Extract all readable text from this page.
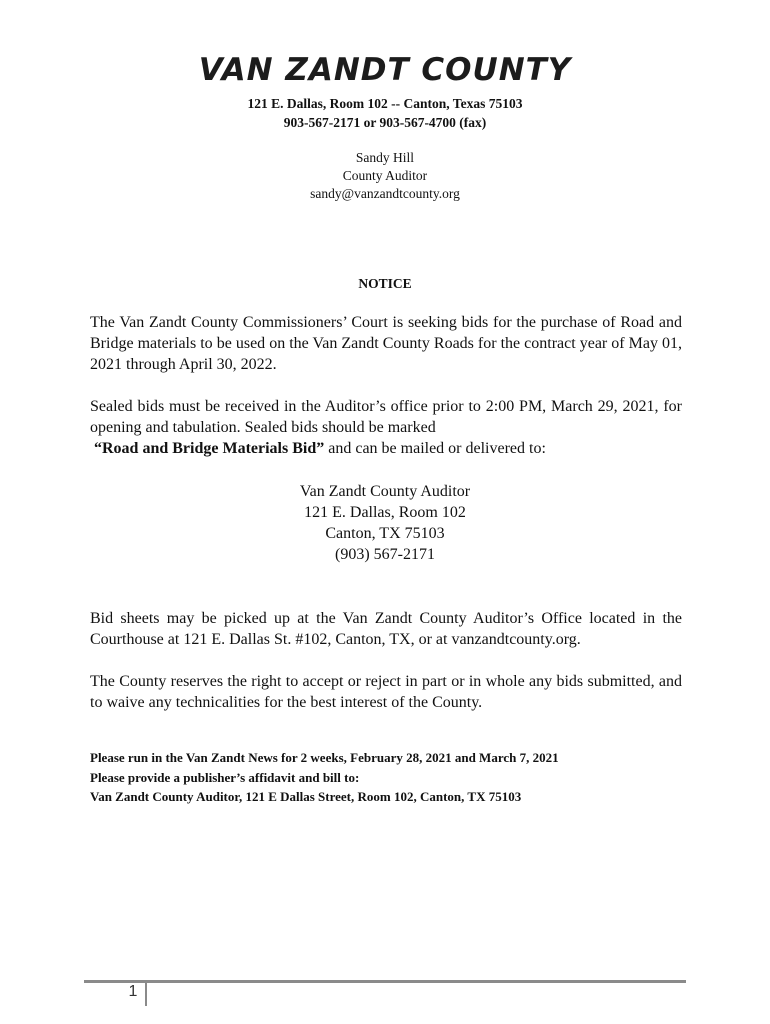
VAN ZANDT COUNTY
121 E. Dallas, Room 102 -- Canton, Texas 75103
903-567-2171 or 903-567-4700 (fax)
Sandy Hill
County Auditor
sandy@vanzandtcounty.org
NOTICE
The Van Zandt County Commissioners’ Court is seeking bids for the purchase of Road and Bridge materials to be used on the Van Zandt County Roads for the contract year of May 01, 2021 through April 30, 2022.
Sealed bids must be received in the Auditor’s office prior to 2:00 PM, March 29, 2021, for opening and tabulation. Sealed bids should be marked
“Road and Bridge Materials Bid” and can be mailed or delivered to:
Van Zandt County Auditor
121 E. Dallas, Room 102
Canton, TX 75103
(903) 567-2171
Bid sheets may be picked up at the Van Zandt County Auditor’s Office located in the Courthouse at 121 E. Dallas St. #102, Canton, TX, or at vanzandtcounty.org.
The County reserves the right to accept or reject in part or in whole any bids submitted, and to waive any technicalities for the best interest of the County.
Please run in the Van Zandt News for 2 weeks, February 28, 2021 and March 7, 2021
Please provide a publisher’s affidavit and bill to:
Van Zandt County Auditor, 121 E Dallas Street, Room 102, Canton, TX 75103
1
